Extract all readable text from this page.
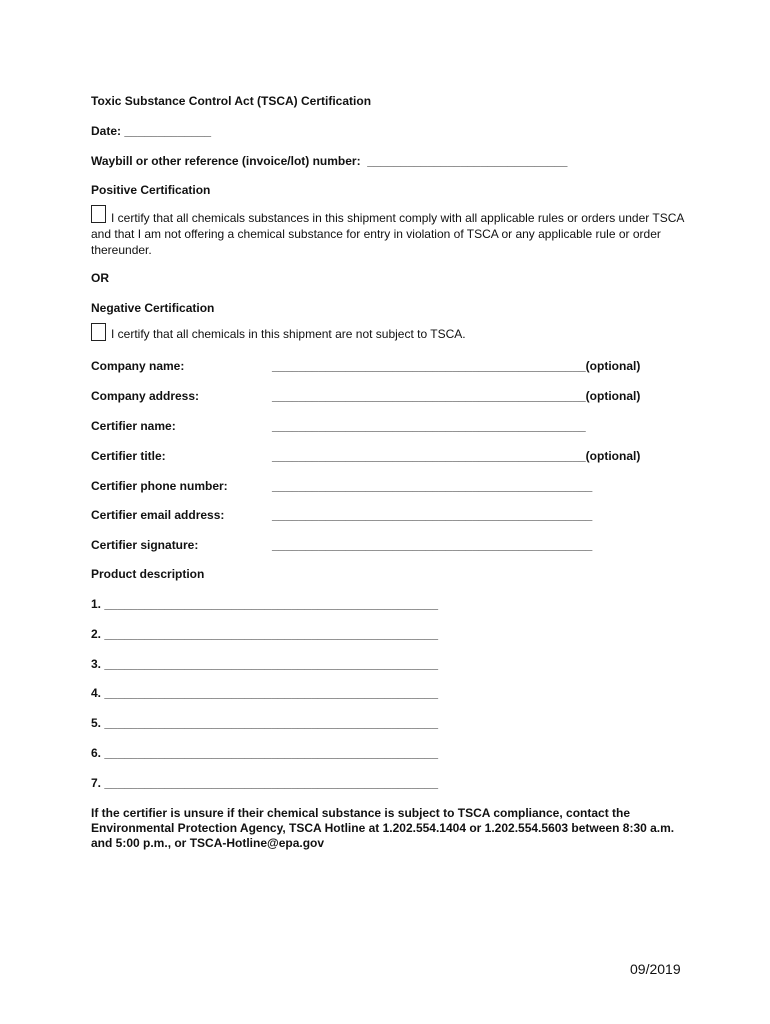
Toxic Substance Control Act (TSCA) Certification
Date: _____________
Waybill or other reference (invoice/lot) number:  ______________________________
Positive Certification
I certify that all chemicals substances in this shipment comply with all applicable rules or orders under TSCA and that I am not offering a chemical substance for entry in violation of TSCA or any applicable rule or order thereunder.
OR
Negative Certification
I certify that all chemicals in this shipment are not subject to TSCA.
Company name:	_______________________________________________(optional)
Company address:	_______________________________________________(optional)
Certifier name:	_______________________________________________
Certifier title:	_______________________________________________(optional)
Certifier phone number:	________________________________________________
Certifier email address:	________________________________________________
Certifier signature:	________________________________________________
Product description
1. __________________________________________________
2. __________________________________________________
3. __________________________________________________
4. __________________________________________________
5. __________________________________________________
6. __________________________________________________
7. __________________________________________________
If the certifier is unsure if their chemical substance is subject to TSCA compliance, contact the Environmental Protection Agency, TSCA Hotline at 1.202.554.1404 or 1.202.554.5603 between 8:30 a.m. and 5:00 p.m., or TSCA-Hotline@epa.gov
09/2019
